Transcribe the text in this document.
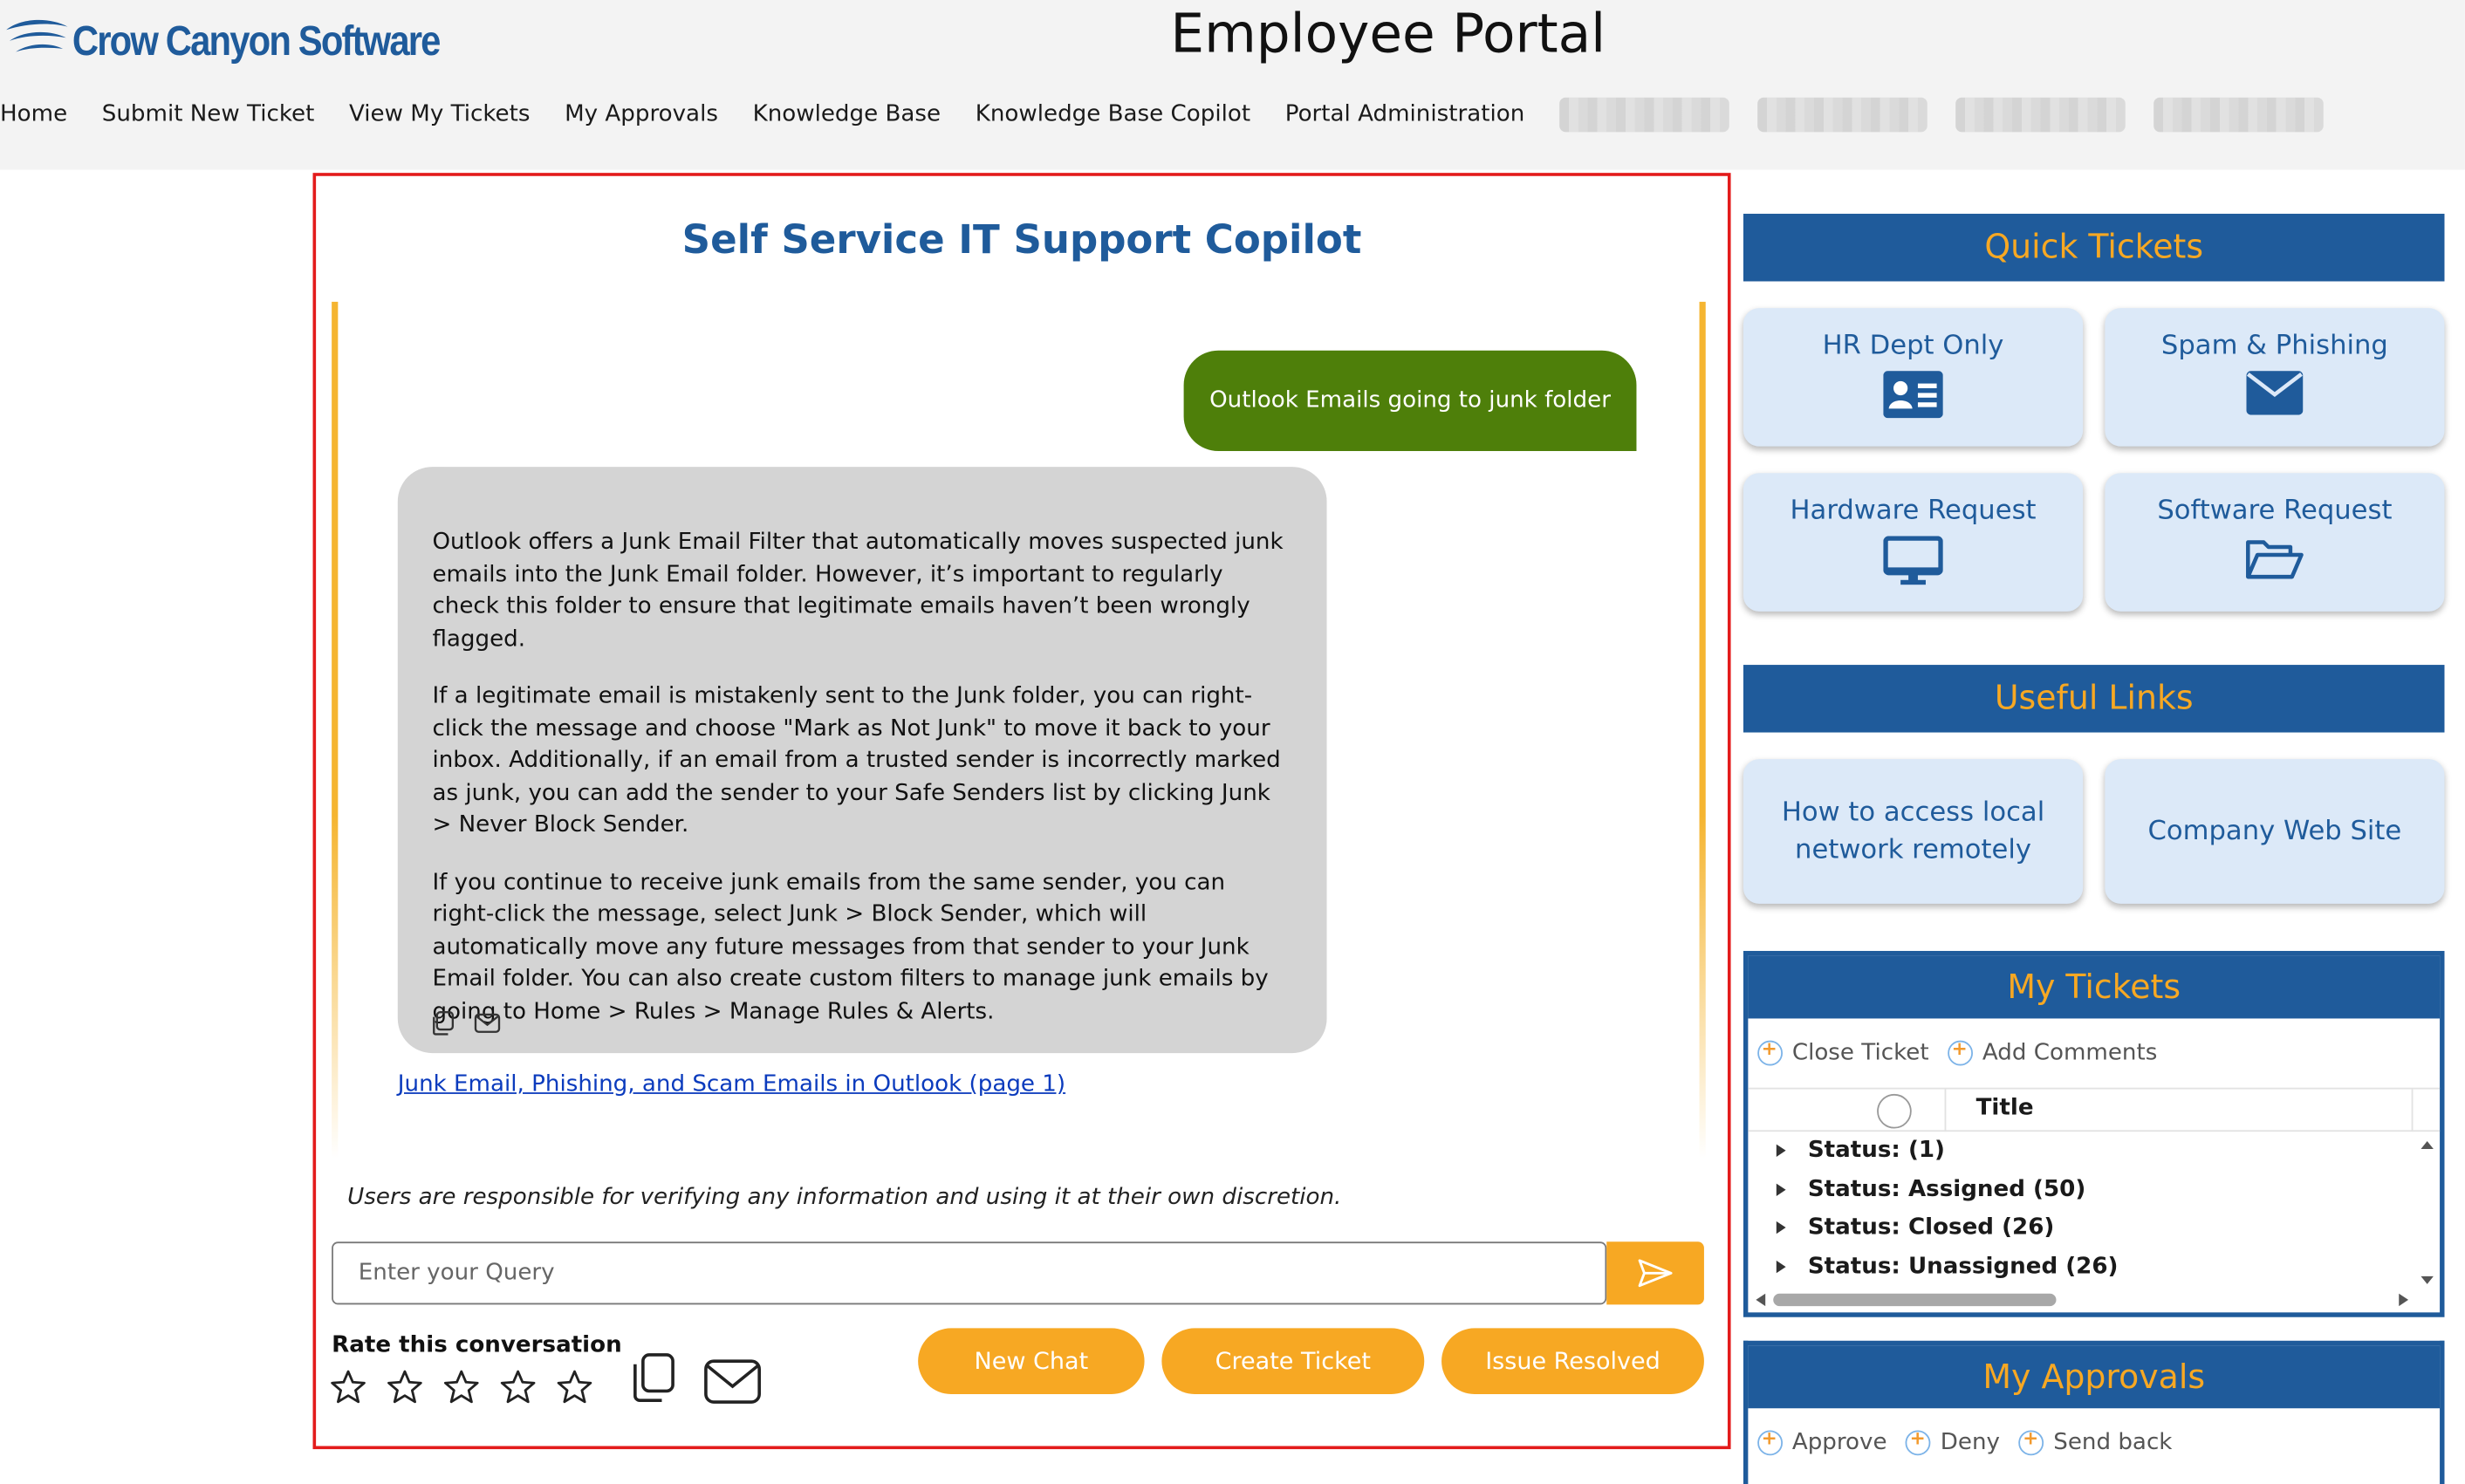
Crow Canyon Software	Employee Portal
Home	Submit New Ticket	View My Tickets	My Approvals	Knowledge Base	Knowledge Base Copilot	Portal Administration
Self Service IT Support Copilot
Outlook Emails going to junk folder

Outlook offers a Junk Email Filter that automatically moves suspected junk emails into the Junk Email folder. However, it’s important to regularly check this folder to ensure that legitimate emails haven’t been wrongly flagged.

If a legitimate email is mistakenly sent to the Junk folder, you can right-click the message and choose "Mark as Not Junk" to move it back to your inbox. Additionally, if an email from a trusted sender is incorrectly marked as junk, you can add the sender to your Safe Senders list by clicking Junk > Never Block Sender.

If you continue to receive junk emails from the same sender, you can right-click the message, select Junk > Block Sender, which will automatically move any future messages from that sender to your Junk Email folder. You can also create custom filters to manage junk emails by going to Home > Rules > Manage Rules & Alerts.

Junk Email, Phishing, and Scam Emails in Outlook (page 1)
Users are responsible for verifying any information and using it at their own discretion.
Enter your Query
Rate this conversation
New Chat	Create Ticket	Issue Resolved
Quick Tickets
HR Dept Only	Spam & Phishing
Hardware Request	Software Request
Useful Links
How to access local network remotely
Company Web Site
My Tickets
+
Close Ticket +	Add Comments
Title
Status: (1)
Status: Assigned (50)
Status: Closed (26)
Status: Unassigned (26)
My Approvals
+
Approve +	Deny +	Send back
